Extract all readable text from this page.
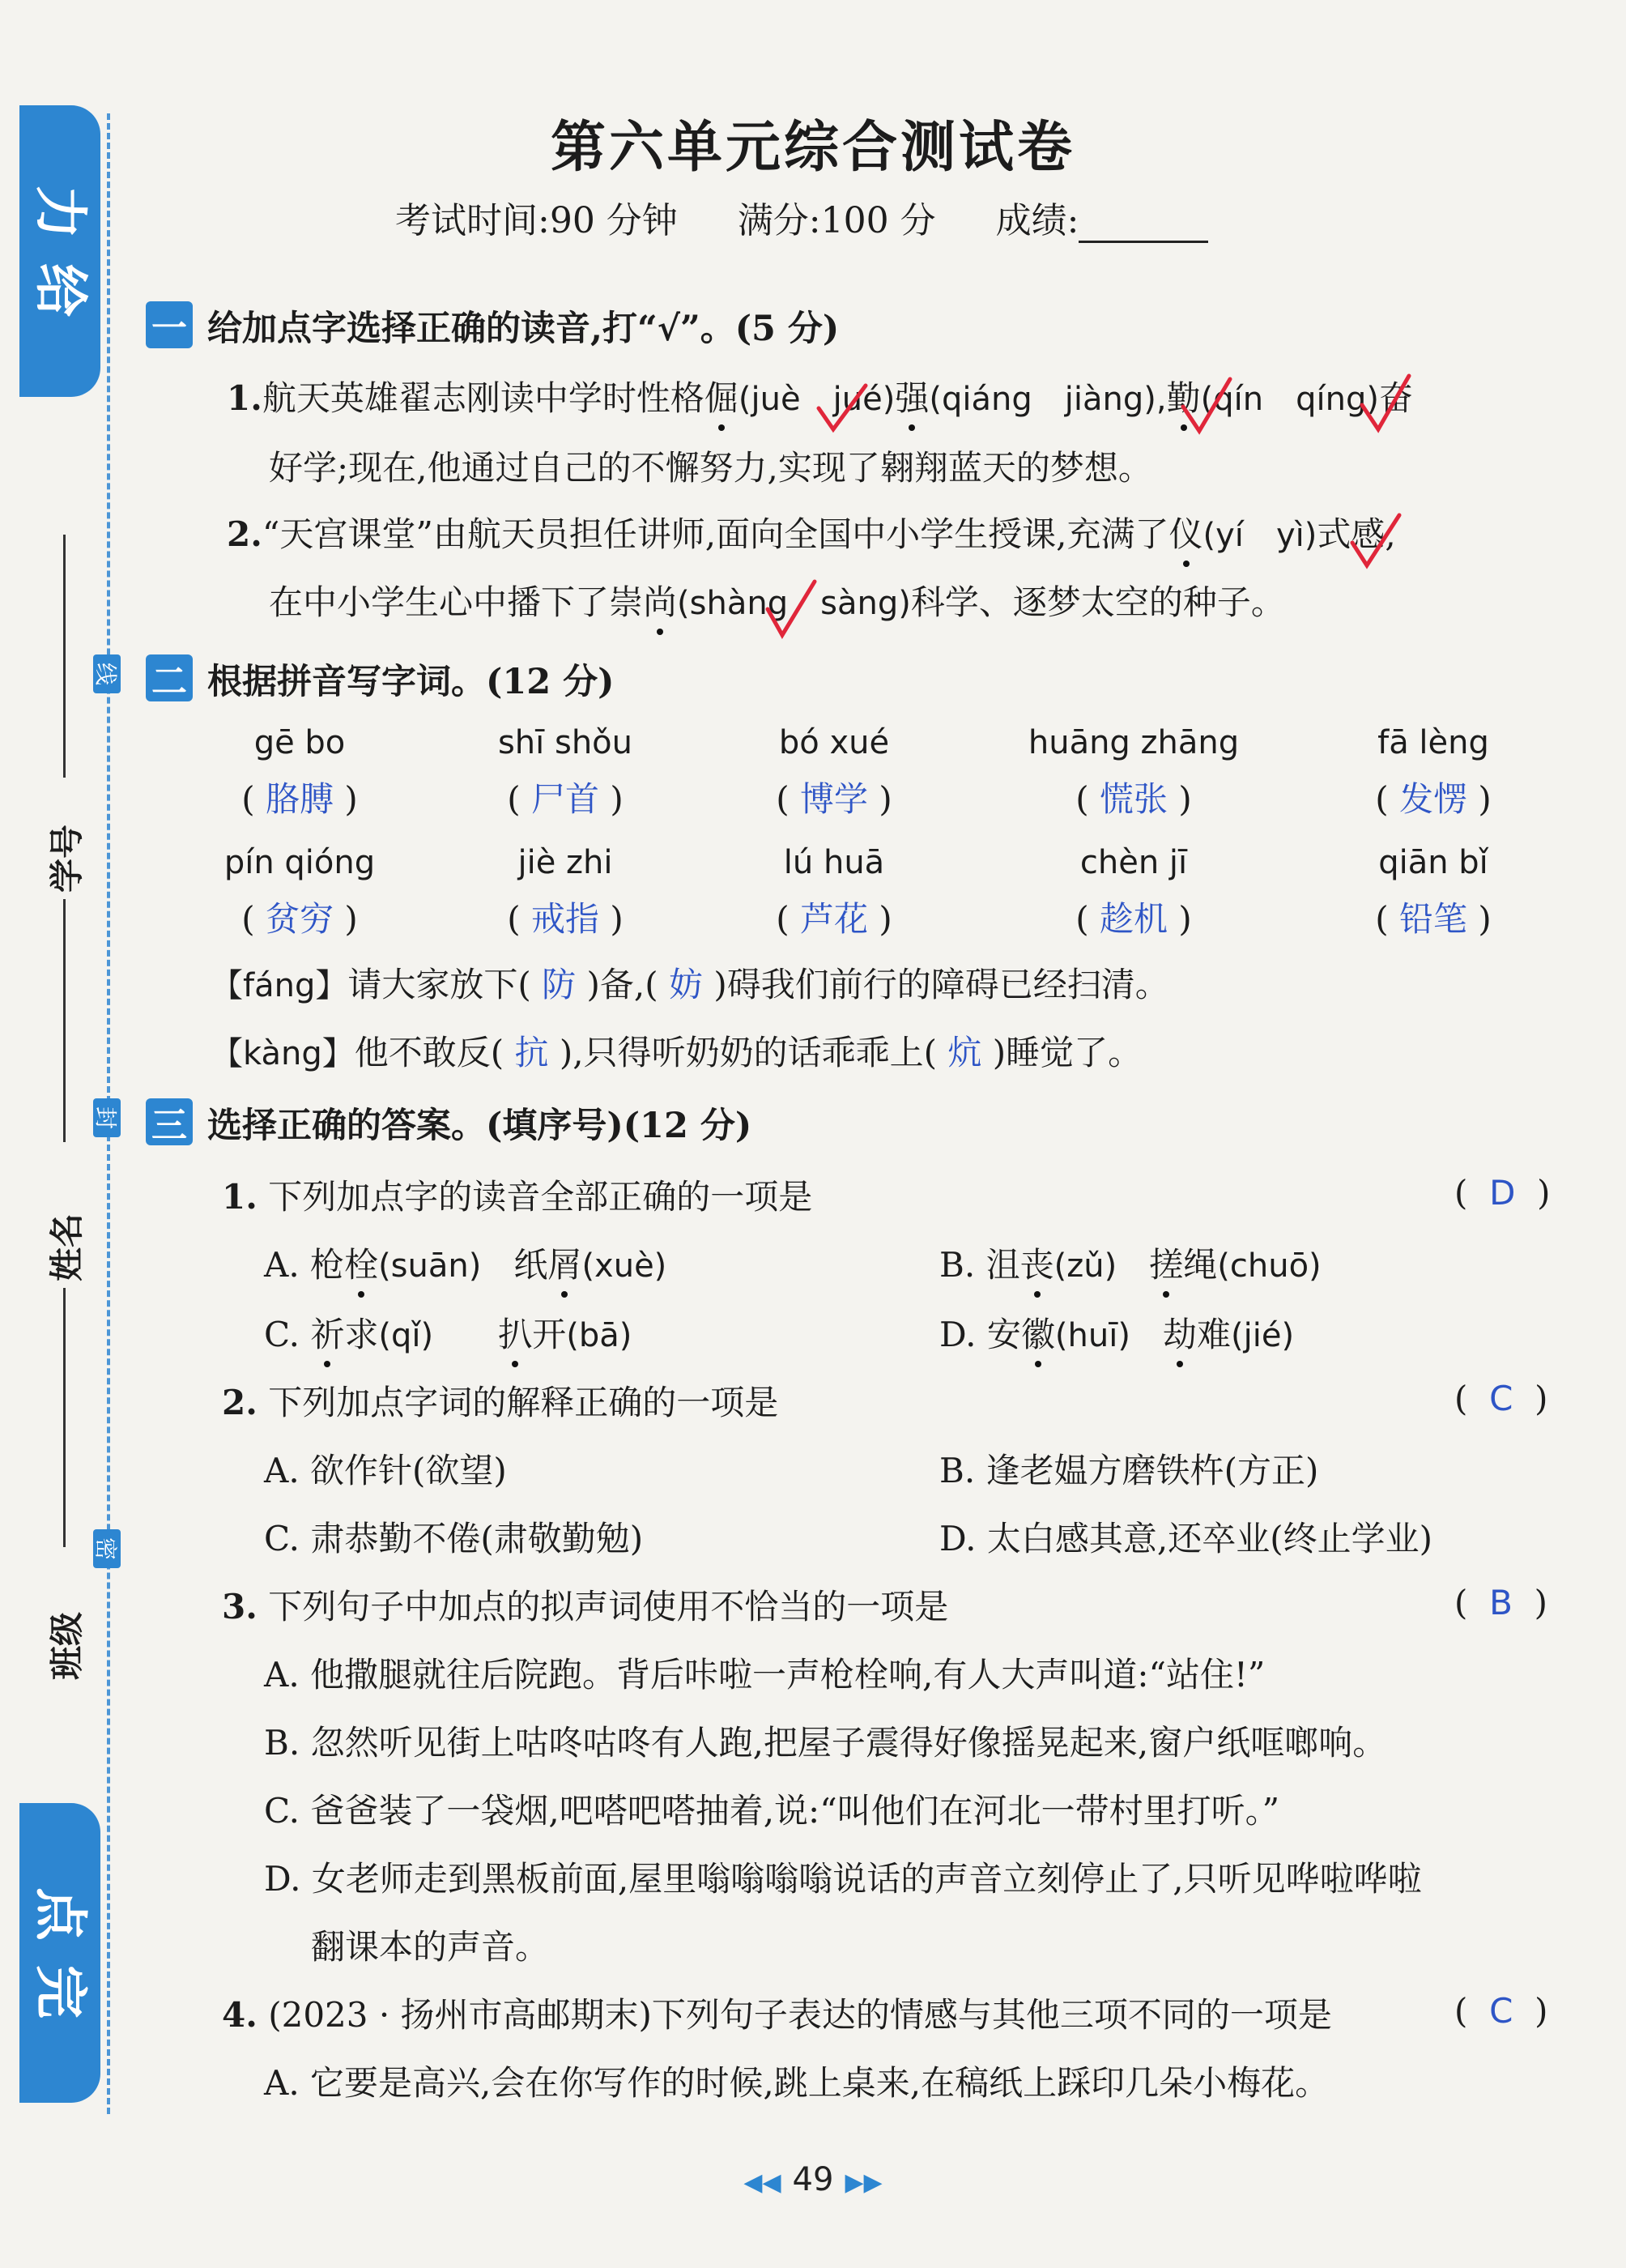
力
给
点
完
线
封
密
学号
姓名
班级
第六单元综合测试卷
考试时间:90 分钟 满分:100 分 成绩:
一 给加点字选择正确的读音,打“√”。(5 分)
1.航天英雄翟志刚读中学时性格倔(juè jué)强(qiáng jiàng),勤(qín qíng)奋
好学;现在,他通过自己的不懈努力,实现了翱翔蓝天的梦想。
2.“天宫课堂”由航天员担任讲师,面向全国中小学生授课,充满了仪(yí yì)式感,
在中小学生心中播下了崇尚(shàng sàng)科学、逐梦太空的种子。
二 根据拼音写字词。(12 分)
gē bo	shī shǒu	bó xué	huāng zhāng	fā lèng
( 胳膊 )	( 尸首 )	( 博学 )	( 慌张 )	( 发愣 )
pín qióng	jiè zhi	lú huā	chèn jī	qiān bǐ
( 贫穷 )	( 戒指 )	( 芦花 )	( 趁机 )	( 铅笔 )
【fáng】请大家放下( 防 )备,( 妨 )碍我们前行的障碍已经扫清。
【kàng】他不敢反( 抗 ),只得听奶奶的话乖乖上( 炕 )睡觉了。
三 选择正确的答案。(填序号)(12 分)
1. 下列加点字的读音全部正确的一项是	(  D  )
A. 枪栓(suān) 纸屑(xuè)	B. 沮丧(zǔ) 搓绳(chuō)
C. 祈求(qǐ) 扒开(bā)	D. 安徽(huī) 劫难(jié)
2. 下列加点字词的解释正确的一项是	(  C  )
A. 欲作针(欲望)	B. 逢老媪方磨铁杵(方正)
C. 肃恭勤不倦(肃敬勤勉)	D. 太白感其意,还卒业(终止学业)
3. 下列句子中加点的拟声词使用不恰当的一项是	(  B  )
A. 他撒腿就往后院跑。背后咔啦一声枪栓响,有人大声叫道:“站住!”
B. 忽然听见街上咕咚咕咚有人跑,把屋子震得好像摇晃起来,窗户纸哐啷响。
C. 爸爸装了一袋烟,吧嗒吧嗒抽着,说:“叫他们在河北一带村里打听。”
D. 女老师走到黑板前面,屋里嗡嗡嗡嗡说话的声音立刻停止了,只听见哗啦哗啦
翻课本的声音。
4. (2023 · 扬州市高邮期末)下列句子表达的情感与其他三项不同的一项是	(  C  )
A. 它要是高兴,会在你写作的时候,跳上桌来,在稿纸上踩印几朵小梅花。
◀◀ 49 ▶▶
